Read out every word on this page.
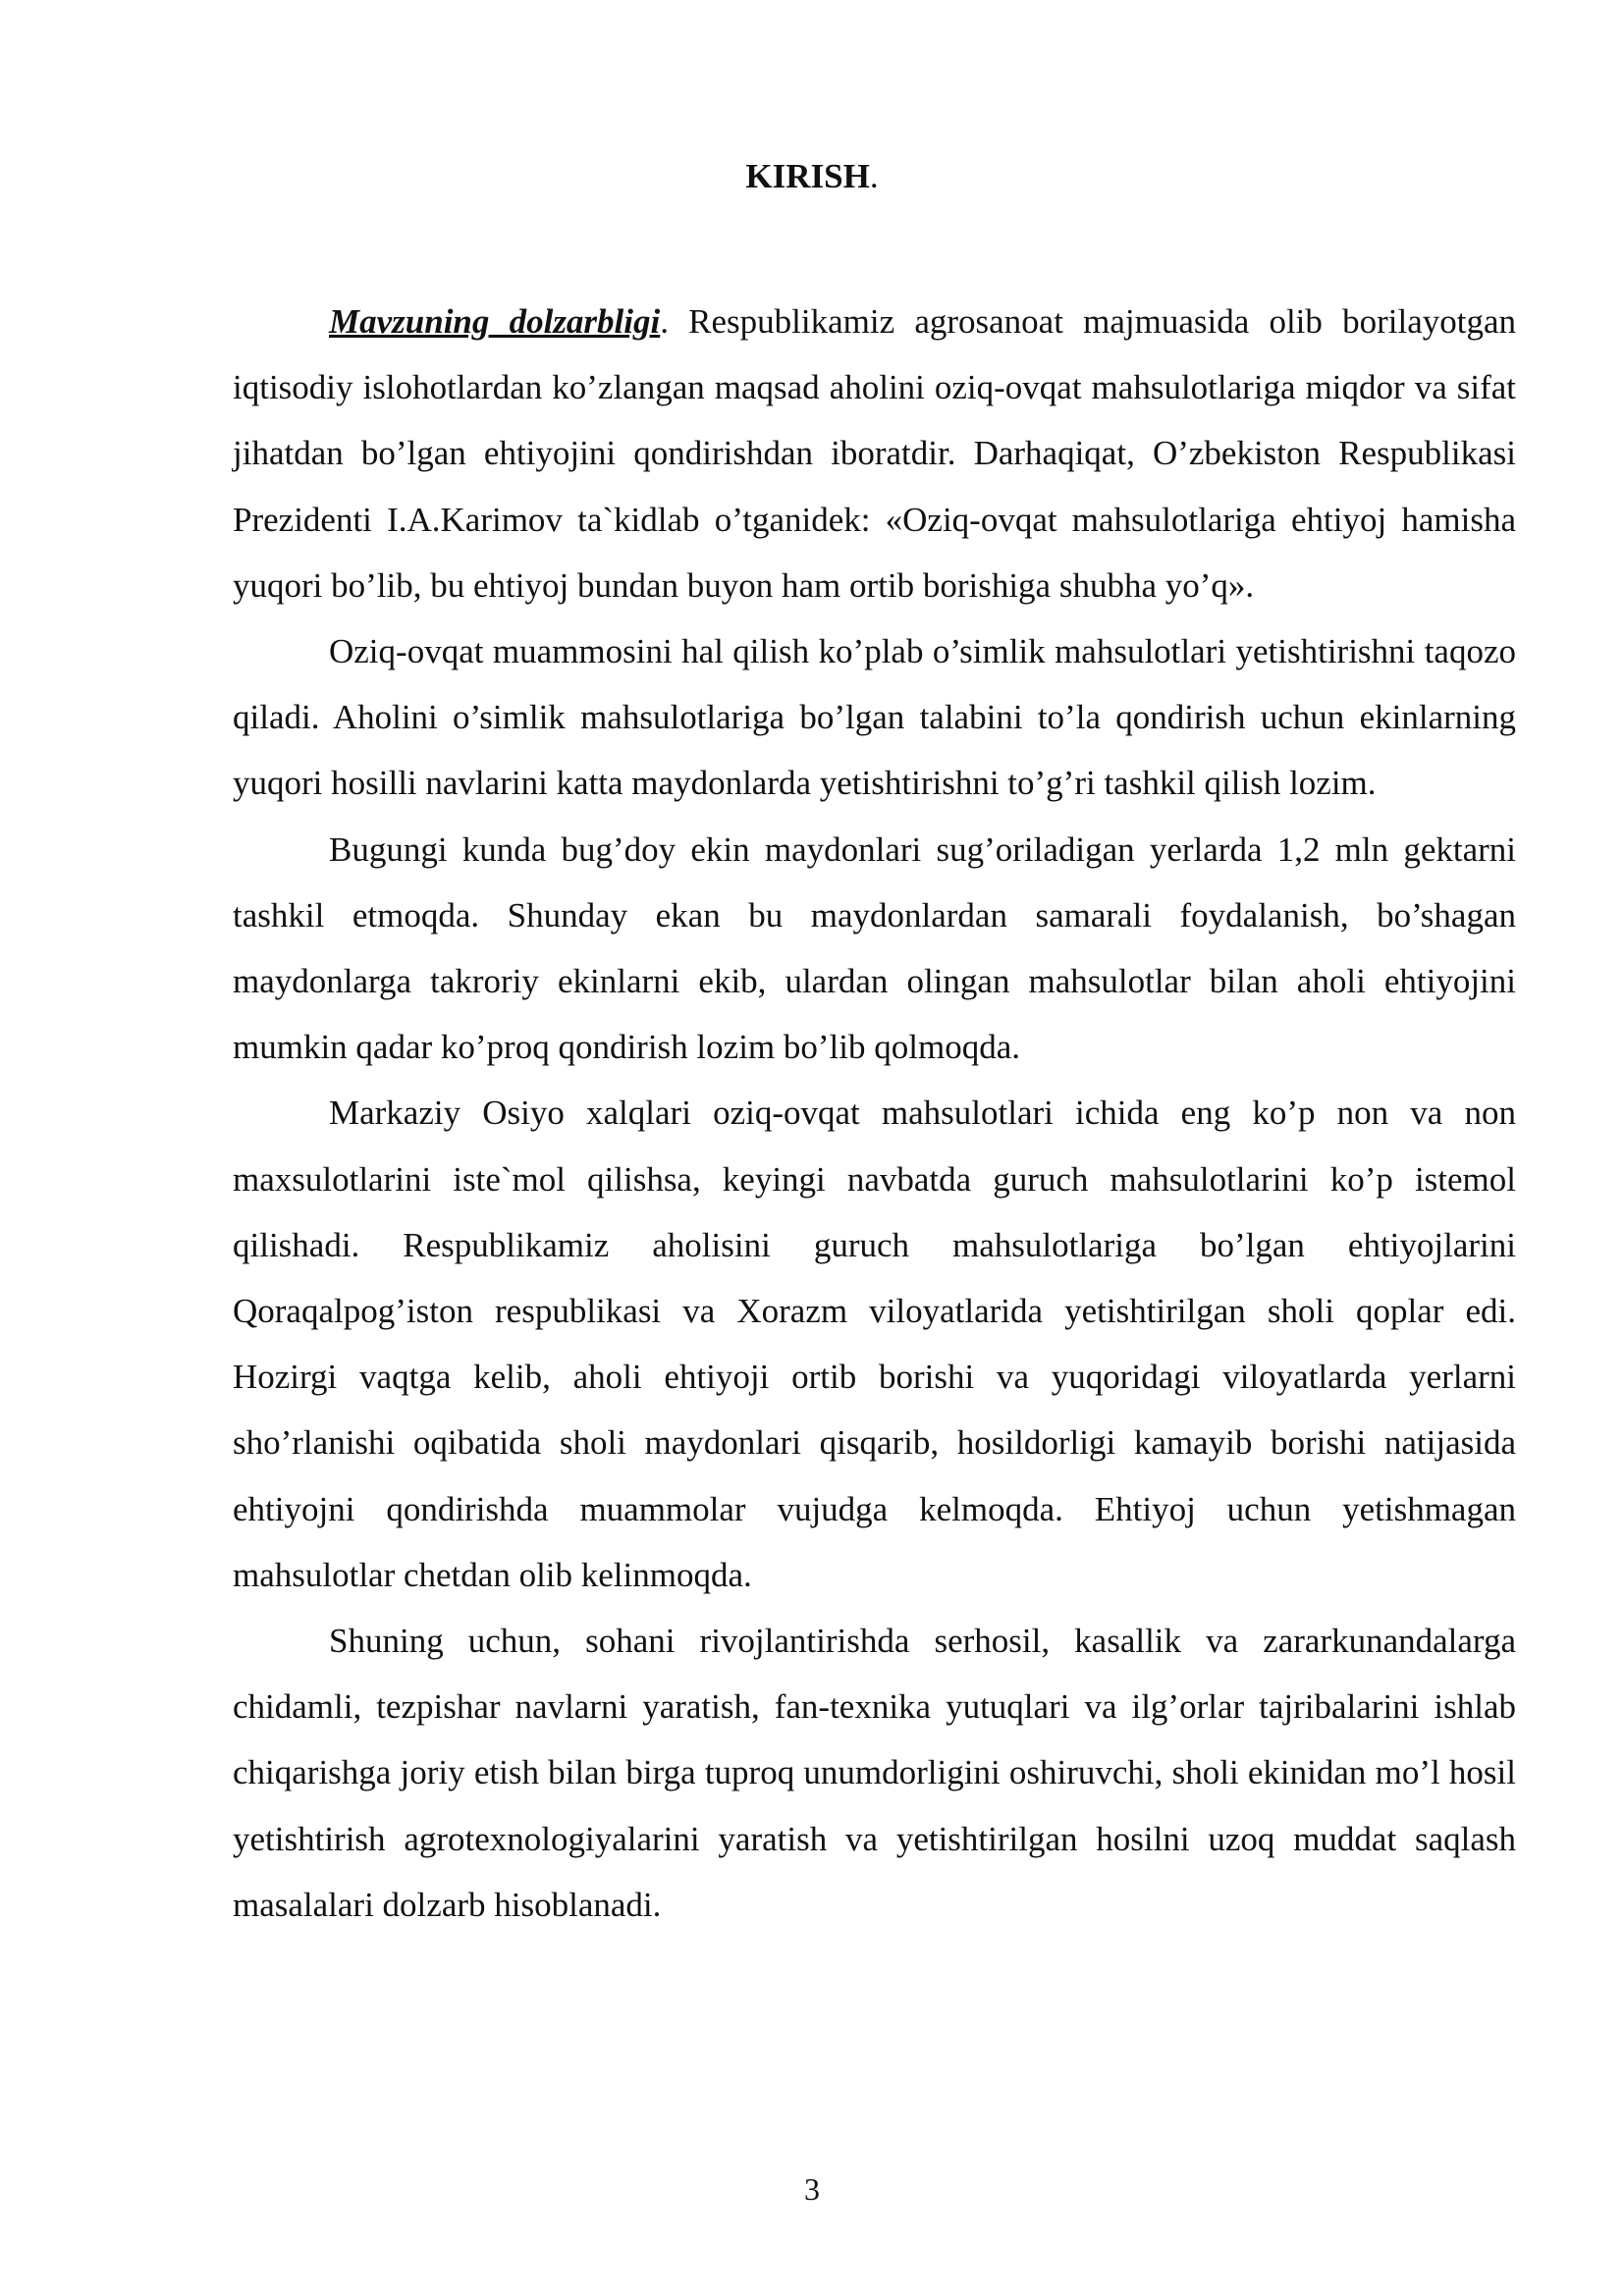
KIRISH.

Mavzuning dolzarbligi. Respublikamiz agrosanoat majmuasida olib borilayotgan iqtisodiy islohotlardan ko’zlangan maqsad aholini oziq-ovqat mahsulotlariga miqdor va sifat jihatdan bo’lgan ehtiyojini qondirishdan iboratdir. Darhaqiqat, O’zbekiston Respublikasi Prezidenti I.A.Karimov ta`kidlab o’tganidek: «Oziq-ovqat mahsulotlariga ehtiyoj hamisha yuqori bo’lib, bu ehtiyoj bundan buyon ham ortib borishiga shubha yo’q».

Oziq-ovqat muammosini hal qilish ko’plab o’simlik mahsulotlari yetishtirishni taqozo qiladi. Aholini o’simlik mahsulotlariga bo’lgan talabini to’la qondirish uchun ekinlarning yuqori hosilli navlarini katta maydonlarda yetishtirishni to’g’ri tashkil qilish lozim.

Bugungi kunda bug’doy ekin maydonlari sug’oriladigan yerlarda 1,2 mln gektarni tashkil etmoqda. Shunday ekan bu maydonlardan samarali foydalanish, bo’shagan maydonlarga takroriy ekinlarni ekib, ulardan olingan mahsulotlar bilan aholi ehtiyojini mumkin qadar ko’proq qondirish lozim bo’lib qolmoqda.

Markaziy Osiyo xalqlari oziq-ovqat mahsulotlari ichida eng ko’p non va non maxsulotlarini iste`mol qilishsa, keyingi navbatda guruch mahsulotlarini ko’p istemol qilishadi. Respublikamiz aholisini guruch mahsulotlariga bo’lgan ehtiyojlarini Qoraqalpog’iston respublikasi va Xorazm viloyatlarida yetishtirilgan sholi qoplar edi. Hozirgi vaqtga kelib, aholi ehtiyoji ortib borishi va yuqoridagi viloyatlarda yerlarni sho’rlanishi oqibatida sholi maydonlari qisqarib, hosildorligi kamayib borishi natijasida ehtiyojni qondirishda muammolar vujudga kelmoqda. Ehtiyoj uchun yetishmagan mahsulotlar chetdan olib kelinmoqda.

Shuning uchun, sohani rivojlantirishda serhosil, kasallik va zararkunandalarga chidamli, tezpishar navlarni yaratish, fan-texnika yutuqlari va ilg’orlar tajribalarini ishlab chiqarishga joriy etish bilan birga tuproq unumdorligini oshiruvchi, sholi ekinidan mo’l hosil yetishtirish agrotexnologiyalarini yaratish va yetishtirilgan hosilni uzoq muddat saqlash masalalari dolzarb hisoblanadi.

3
